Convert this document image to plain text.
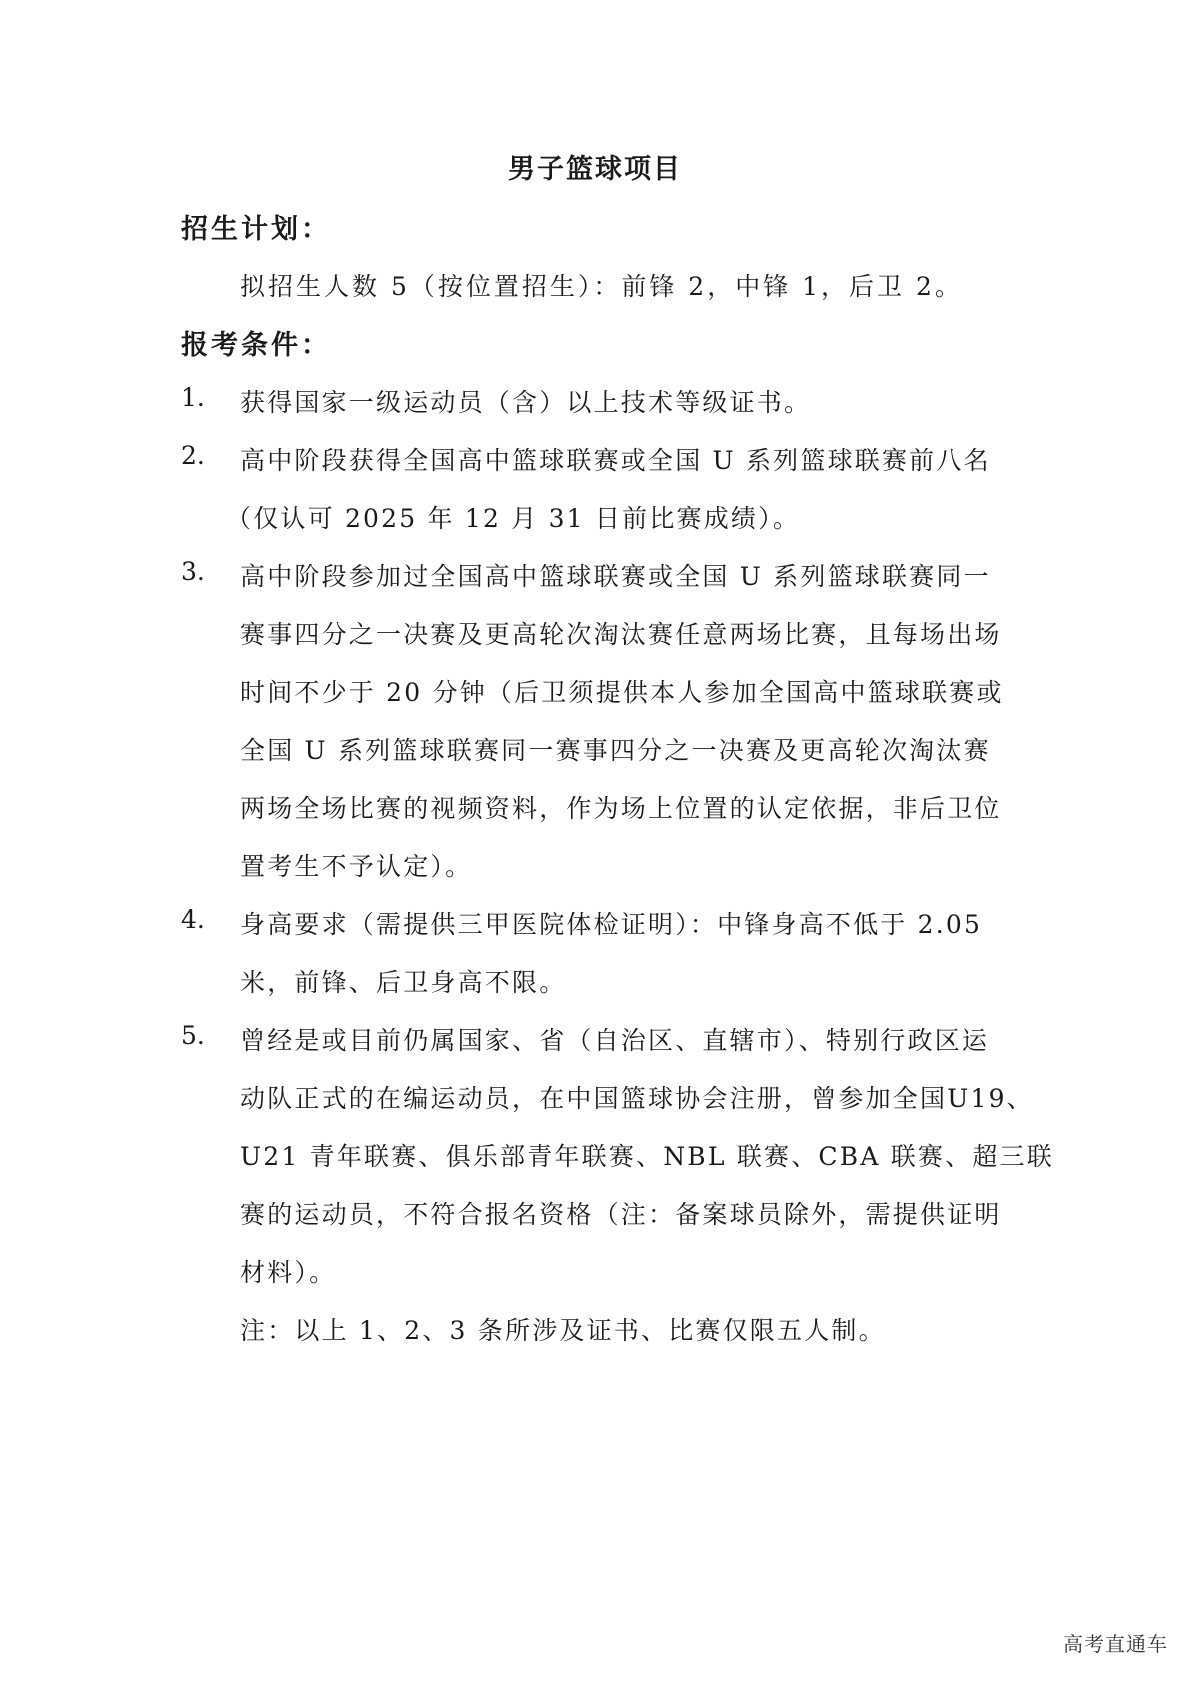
男子篮球项目
招生计划：
拟招生人数 5（按位置招生）：前锋 2，中锋 1，后卫 2。
报考条件：
1. 获得国家一级运动员（含）以上技术等级证书。
2. 高中阶段获得全国高中篮球联赛或全国 U 系列篮球联赛前八名
（仅认可 2025 年 12 月 31 日前比赛成绩）。
3. 高中阶段参加过全国高中篮球联赛或全国 U 系列篮球联赛同一
赛事四分之一决赛及更高轮次淘汰赛任意两场比赛，且每场出场
时间不少于 20 分钟（后卫须提供本人参加全国高中篮球联赛或
全国 U 系列篮球联赛同一赛事四分之一决赛及更高轮次淘汰赛
两场全场比赛的视频资料，作为场上位置的认定依据，非后卫位
置考生不予认定）。
4. 身高要求（需提供三甲医院体检证明）：中锋身高不低于 2.05
米，前锋、后卫身高不限。
5. 曾经是或目前仍属国家、省（自治区、直辖市）、特别行政区运
动队正式的在编运动员，在中国篮球协会注册，曾参加全国U19、
U21 青年联赛、俱乐部青年联赛、NBL 联赛、CBA 联赛、超三联
赛的运动员，不符合报名资格（注：备案球员除外，需提供证明
材料）。
注：以上 1、2、3 条所涉及证书、比赛仅限五人制。
高考直通车
